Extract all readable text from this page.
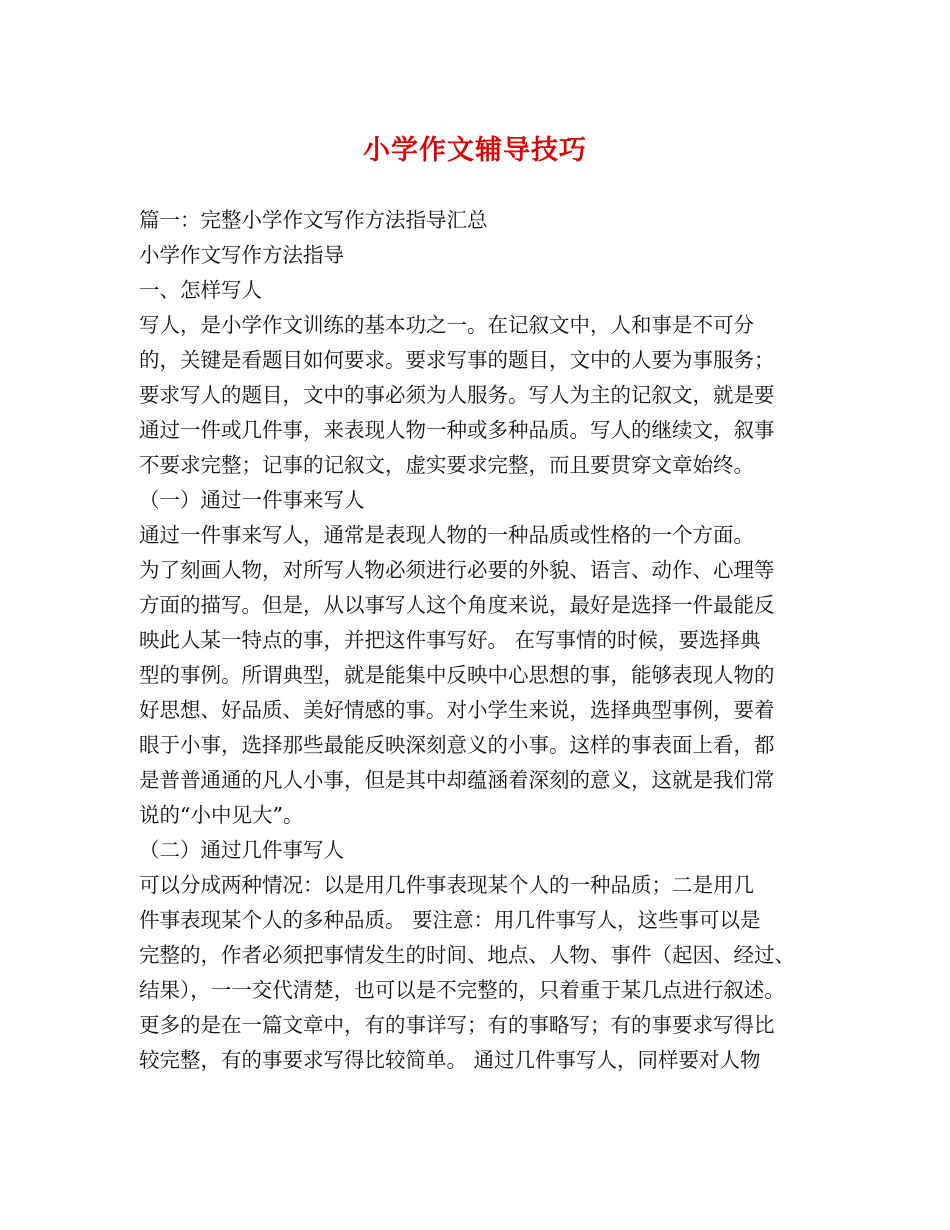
小学作文辅导技巧
篇一：完整小学作文写作方法指导汇总
小学作文写作方法指导
一、怎样写人
写人，是小学作文训练的基本功之一。在记叙文中，人和事是不可分
的，关键是看题目如何要求。要求写事的题目，文中的人要为事服务；
要求写人的题目，文中的事必须为人服务。写人为主的记叙文，就是要
通过一件或几件事，来表现人物一种或多种品质。写人的继续文，叙事
不要求完整；记事的记叙文，虚实要求完整，而且要贯穿文章始终。
（一）通过一件事来写人
通过一件事来写人，通常是表现人物的一种品质或性格的一个方面。
为了刻画人物，对所写人物必须进行必要的外貌、语言、动作、心理等
方面的描写。但是，从以事写人这个角度来说，最好是选择一件最能反
映此人某一特点的事，并把这件事写好。 在写事情的时候，要选择典
型的事例。所谓典型，就是能集中反映中心思想的事，能够表现人物的
好思想、好品质、美好情感的事。对小学生来说，选择典型事例，要着
眼于小事，选择那些最能反映深刻意义的小事。这样的事表面上看，都
是普普通通的凡人小事，但是其中却蕴涵着深刻的意义，这就是我们常
说的“小中见大”。
（二）通过几件事写人
可以分成两种情况：以是用几件事表现某个人的一种品质；二是用几
件事表现某个人的多种品质。 要注意：用几件事写人，这些事可以是
完整的，作者必须把事情发生的时间、地点、人物、事件（起因、经过、
结果），一一交代清楚，也可以是不完整的，只着重于某几点进行叙述。
更多的是在一篇文章中，有的事详写；有的事略写；有的事要求写得比
较完整，有的事要求写得比较简单。 通过几件事写人，同样要对人物
